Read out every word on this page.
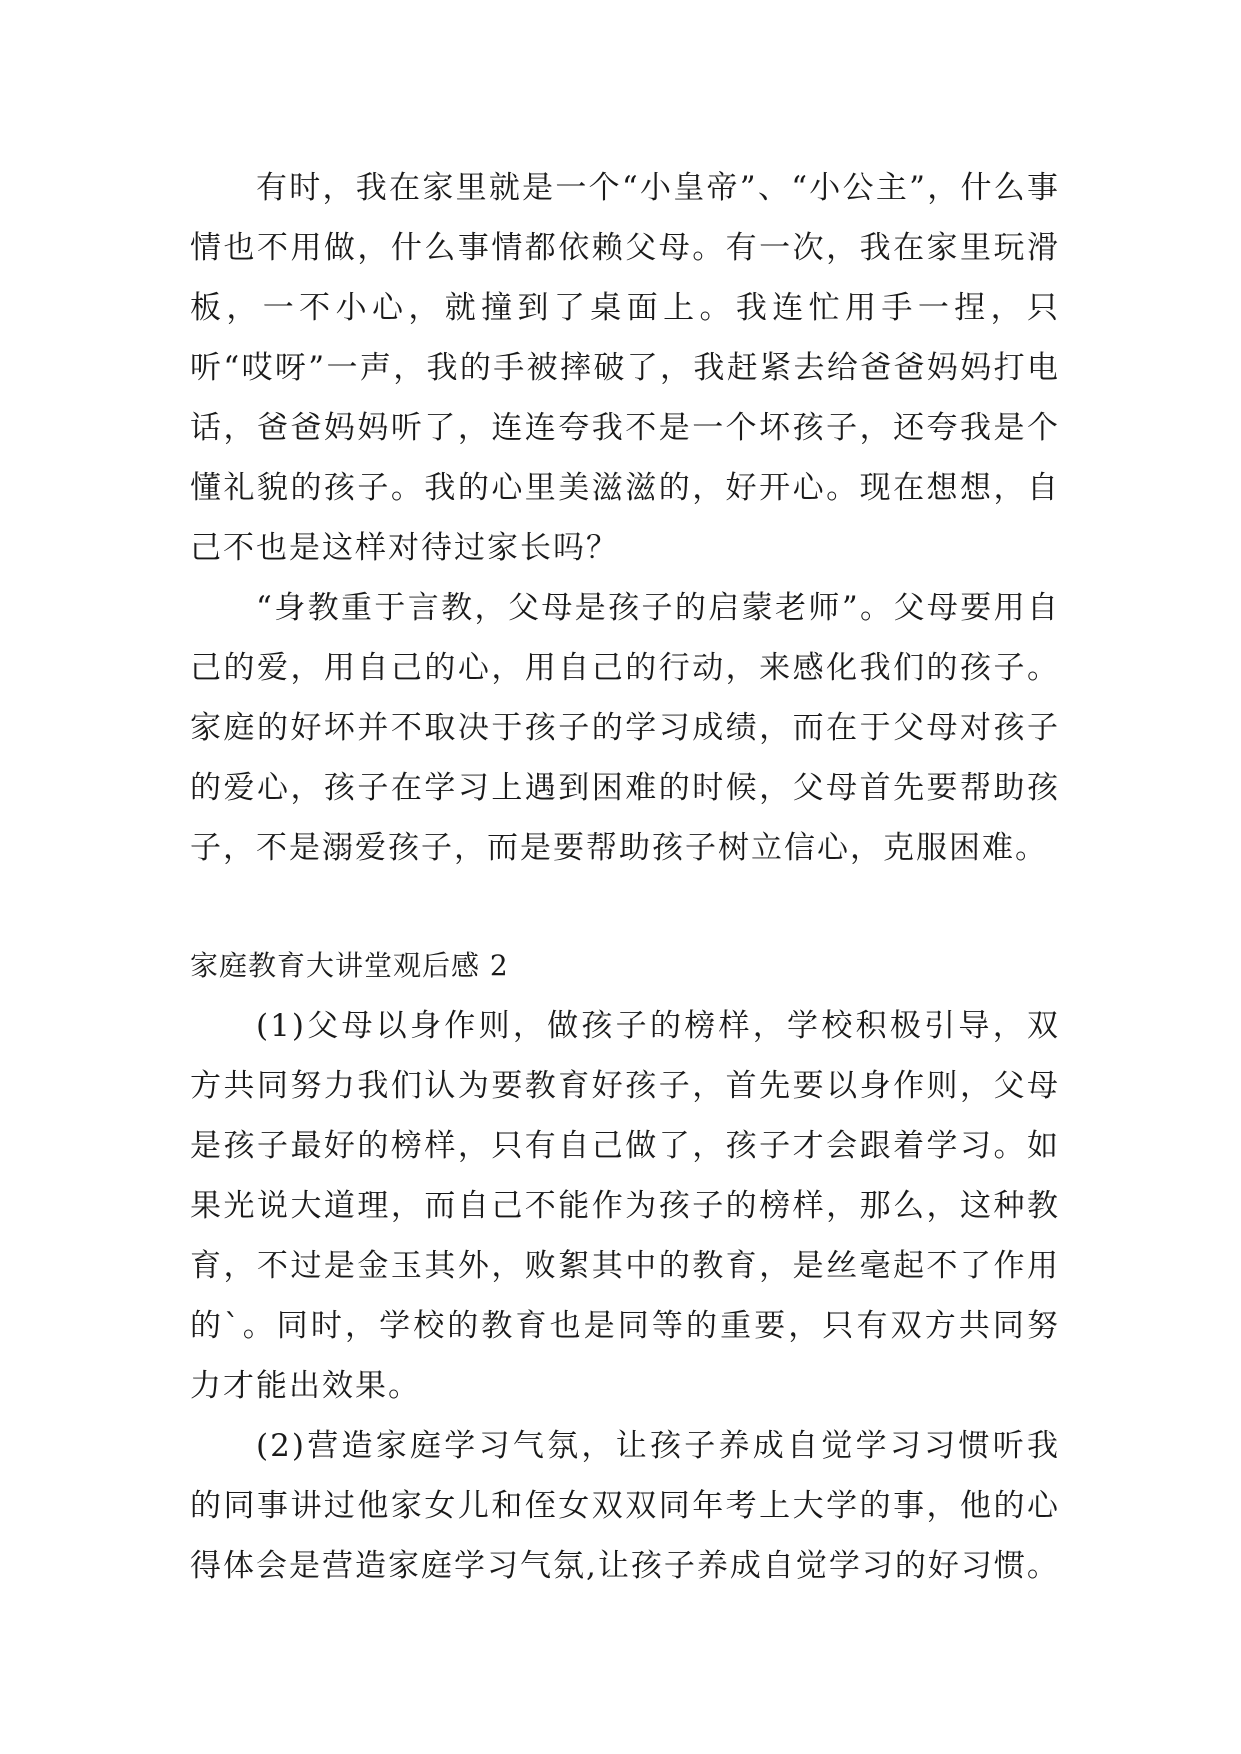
有时，我在家里就是一个“小皇帝”、“小公主”，什么事情也不用做，什么事情都依赖父母。有一次，我在家里玩滑板，一不小心，就撞到了桌面上。我连忙用手一捏，只听“哎呀”一声，我的手被摔破了，我赶紧去给爸爸妈妈打电话，爸爸妈妈听了，连连夸我不是一个坏孩子，还夸我是个懂礼貌的孩子。我的心里美滋滋的，好开心。现在想想，自己不也是这样对待过家长吗？

“身教重于言教，父母是孩子的启蒙老师”。父母要用自己的爱，用自己的心，用自己的行动，来感化我们的孩子。家庭的好坏并不取决于孩子的学习成绩，而在于父母对孩子的爱心，孩子在学习上遇到困难的时候，父母首先要帮助孩子，不是溺爱孩子，而是要帮助孩子树立信心，克服困难。

家庭教育大讲堂观后感 2

(1)父母以身作则，做孩子的榜样，学校积极引导，双方共同努力我们认为要教育好孩子，首先要以身作则，父母是孩子最好的榜样，只有自己做了，孩子才会跟着学习。如果光说大道理，而自己不能作为孩子的榜样，那么，这种教育，不过是金玉其外，败絮其中的教育，是丝毫起不了作用的`。同时，学校的教育也是同等的重要，只有双方共同努力才能出效果。

(2)营造家庭学习气氛，让孩子养成自觉学习习惯听我的同事讲过他家女儿和侄女双双同年考上大学的事，他的心得体会是营造家庭学习气氛,让孩子养成自觉学习的好习惯。
